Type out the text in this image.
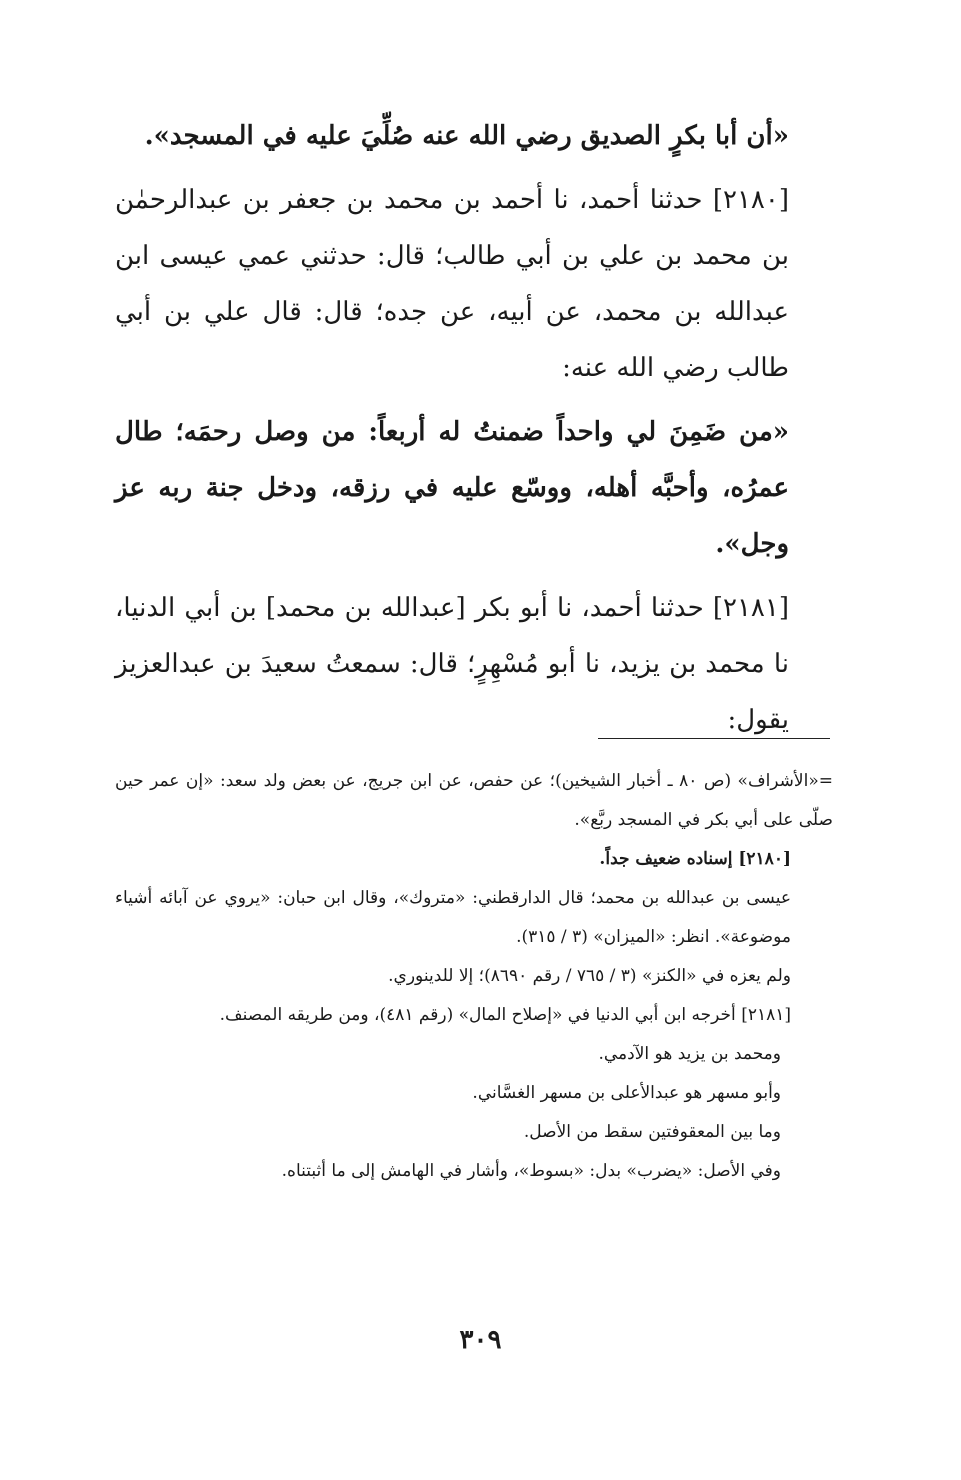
«أن أبا بكرٍ الصديق رضي الله عنه صُلِّيَ عليه في المسجد».

[٢١٨٠] حدثنا أحمد، نا أحمد بن محمد بن جعفر بن عبدالرحمٰن بن محمد بن علي بن أبي طالب؛ قال: حدثني عمي عيسى ابن عبدالله بن محمد، عن أبيه، عن جده؛ قال: قال علي بن أبي طالب رضي الله عنه:

«من ضَمِنَ لي واحداً ضمنتُ له أربعاً: من وصل رحمَه؛ طال عمرُه، وأحبَّه أهله، ووسّع عليه في رزقه، ودخل جنة ربه عز وجل».

[٢١٨١] حدثنا أحمد، نا أبو بكر [عبدالله بن محمد] بن أبي الدنيا، نا محمد بن يزيد، نا أبو مُسْهِرٍ؛ قال: سمعتُ سعيدَ بن عبدالعزيز يقول:

=«الأشراف» (ص ٨٠ ـ أخبار الشيخين)؛ عن حفص، عن ابن جريج، عن بعض ولد سعد: «إن عمر حين صلّى على أبي بكر في المسجد ربَّع».

[٢١٨٠] إسناده ضعيف جداً.

عيسى بن عبدالله بن محمد؛ قال الدارقطني: «متروك»، وقال ابن حبان: «يروي عن آبائه أشياء موضوعة». انظر: «الميزان» (٣ / ٣١٥).

ولم يعزه في «الكنز» (٣ / ٧٦٥ / رقم ٨٦٩٠)؛ إلا للدينوري.

[٢١٨١] أخرجه ابن أبي الدنيا في «إصلاح المال» (رقم ٤٨١)، ومن طريقه المصنف.

ومحمد بن يزيد هو الآدمي.

وأبو مسهر هو عبدالأعلى بن مسهر الغسَّاني.

وما بين المعقوفتين سقط من الأصل.

وفي الأصل: «يضرب» بدل: «بسوط»، وأشار في الهامش إلى ما أثبتناه.

٣٠٩
